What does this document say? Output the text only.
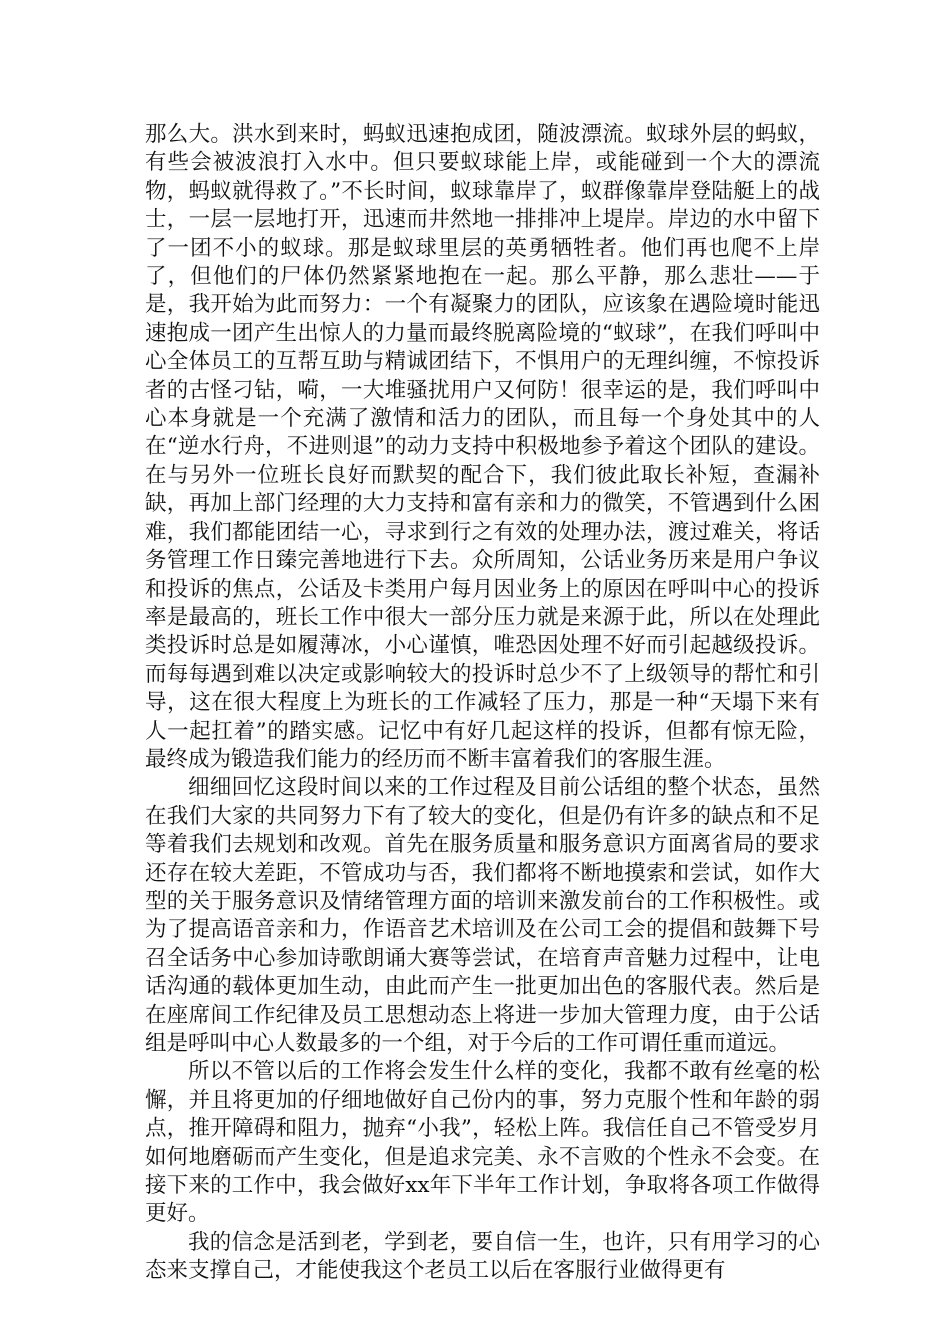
那么大。洪水到来时，蚂蚁迅速抱成团，随波漂流。蚁球外层的蚂蚁，有些会被波浪打入水中。但只要蚁球能上岸，或能碰到一个大的漂流物，蚂蚁就得救了。”不长时间，蚁球靠岸了，蚁群像靠岸登陆艇上的战士，一层一层地打开，迅速而井然地一排排冲上堤岸。岸边的水中留下了一团不小的蚁球。那是蚁球里层的英勇牺牲者。他们再也爬不上岸了，但他们的尸体仍然紧紧地抱在一起。那么平静，那么悲壮——于是，我开始为此而努力：一个有凝聚力的团队，应该象在遇险境时能迅速抱成一团产生出惊人的力量而最终脱离险境的“蚁球”，在我们呼叫中心全体员工的互帮互助与精诚团结下，不惧用户的无理纠缠，不惊投诉者的古怪刁钻，嗬，一大堆骚扰用户又何防！很幸运的是，我们呼叫中心本身就是一个充满了激情和活力的团队，而且每一个身处其中的人在“逆水行舟，不进则退”的动力支持中积极地参予着这个团队的建设。在与另外一位班长良好而默契的配合下，我们彼此取长补短，查漏补缺，再加上部门经理的大力支持和富有亲和力的微笑，不管遇到什么困难，我们都能团结一心，寻求到行之有效的处理办法，渡过难关，将话务管理工作日臻完善地进行下去。众所周知，公话业务历来是用户争议和投诉的焦点，公话及卡类用户每月因业务上的原因在呼叫中心的投诉率是最高的，班长工作中很大一部分压力就是来源于此，所以在处理此类投诉时总是如履薄冰，小心谨慎，唯恐因处理不好而引起越级投诉。而每每遇到难以决定或影响较大的投诉时总少不了上级领导的帮忙和引导，这在很大程度上为班长的工作减轻了压力，那是一种“天塌下来有人一起扛着”的踏实感。记忆中有好几起这样的投诉，但都有惊无险，最终成为锻造我们能力的经历而不断丰富着我们的客服生涯。

细细回忆这段时间以来的工作过程及目前公话组的整个状态，虽然在我们大家的共同努力下有了较大的变化，但是仍有许多的缺点和不足等着我们去规划和改观。首先在服务质量和服务意识方面离省局的要求还存在较大差距，不管成功与否，我们都将不断地摸索和尝试，如作大型的关于服务意识及情绪管理方面的培训来激发前台的工作积极性。或为了提高语音亲和力，作语音艺术培训及在公司工会的提倡和鼓舞下号召全话务中心参加诗歌朗诵大赛等尝试，在培育声音魅力过程中，让电话沟通的载体更加生动，由此而产生一批更加出色的客服代表。然后是在座席间工作纪律及员工思想动态上将进一步加大管理力度，由于公话组是呼叫中心人数最多的一个组，对于今后的工作可谓任重而道远。

所以不管以后的工作将会发生什么样的变化，我都不敢有丝毫的松懈，并且将更加的仔细地做好自己份内的事，努力克服个性和年龄的弱点，推开障碍和阻力，抛弃“小我”，轻松上阵。我信任自己不管受岁月如何地磨砺而产生变化，但是追求完美、永不言败的个性永不会变。在接下来的工作中，我会做好xx年下半年工作计划，争取将各项工作做得更好。

我的信念是活到老，学到老，要自信一生，也许，只有用学习的心态来支撑自己，才能使我这个老员工以后在客服行业做得更有
